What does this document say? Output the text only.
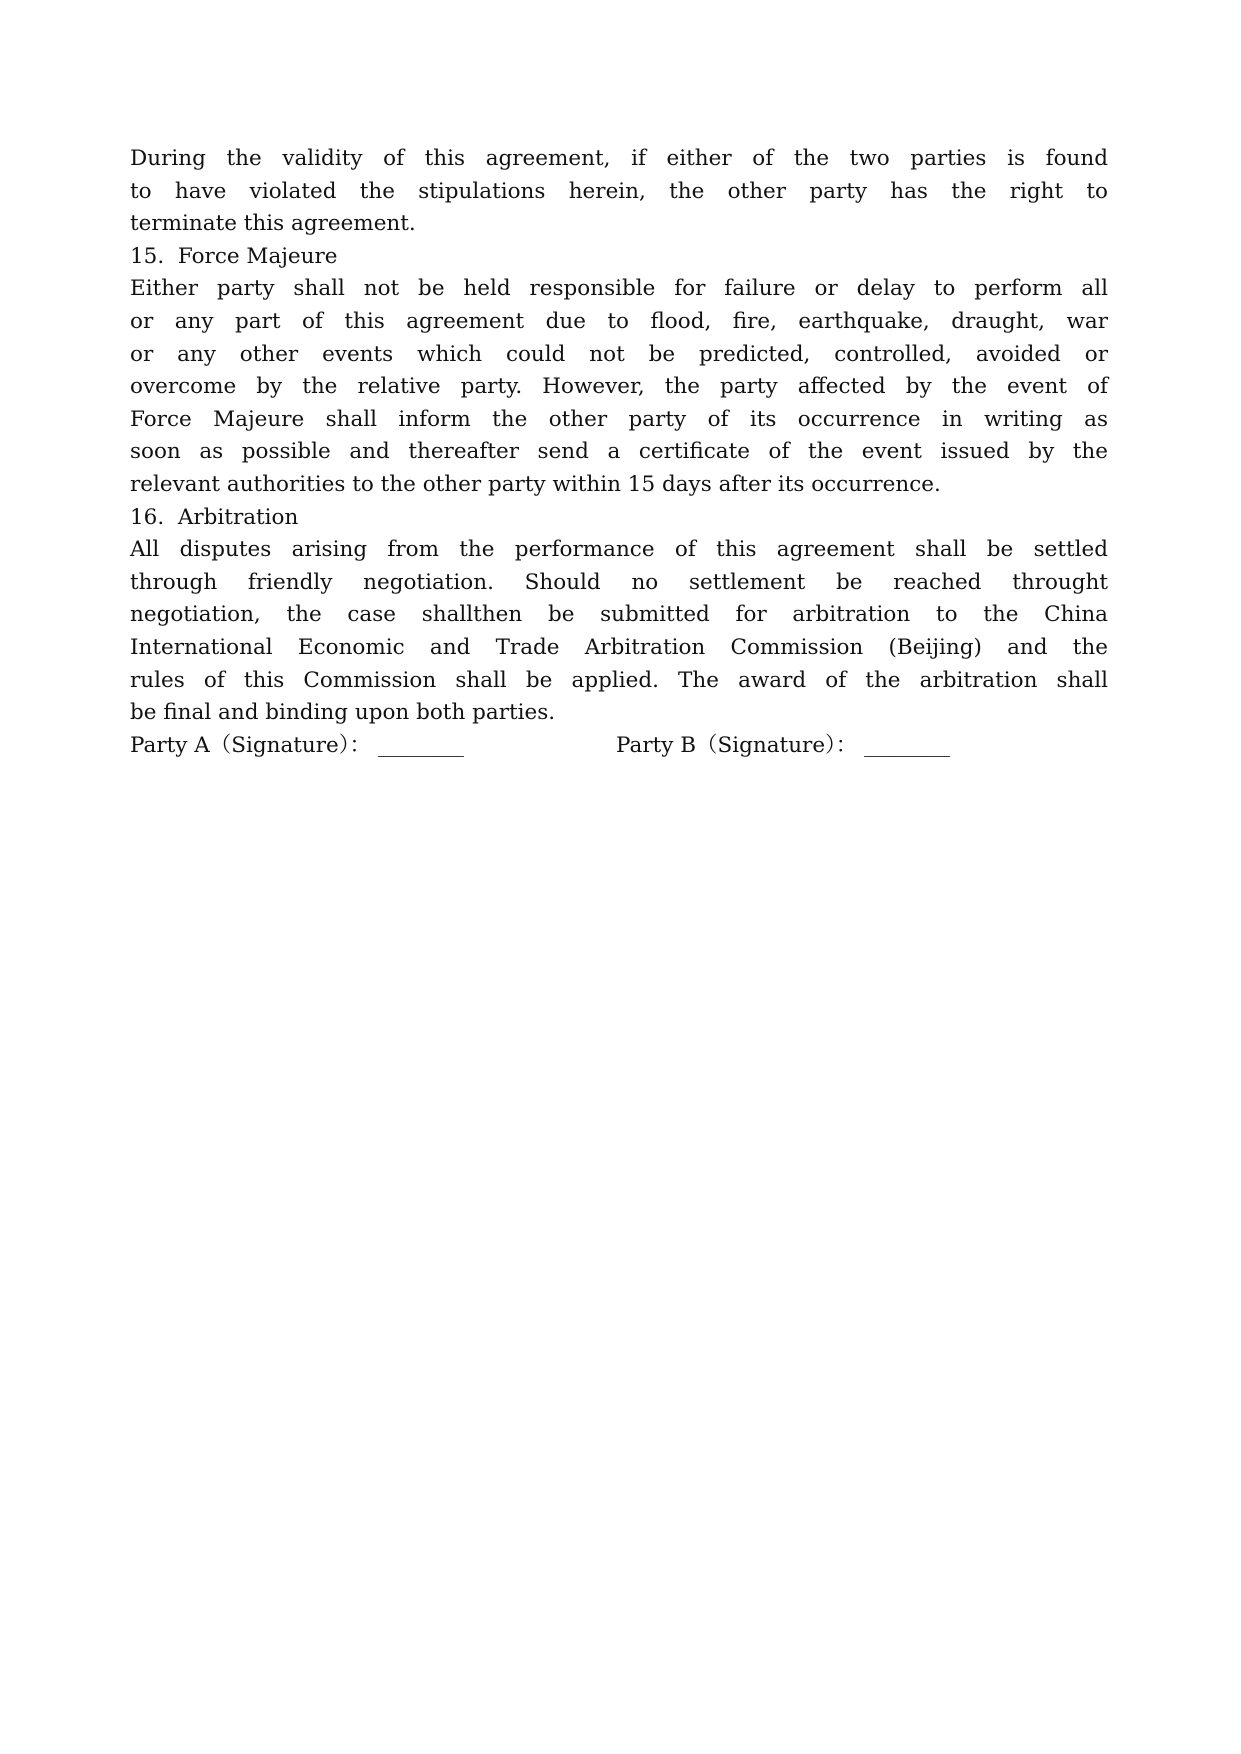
During the validity of this agreement, if either of the two parties is found
to have violated the stipulations herein, the other party has the right to
terminate this agreement.
15.  Force Majeure
Either party shall not be held responsible for failure or delay to perform all
or any part of this agreement due to flood, fire, earthquake, draught, war
or any other events which could not be predicted, controlled, avoided or
overcome by the relative party. However, the party affected by the event of
Force Majeure shall inform the other party of its occurrence in writing as
soon as possible and thereafter send a certificate of the event issued by the
relevant authorities to the other party within 15 days after its occurrence.
16.  Arbitration
All disputes arising from the performance of this agreement shall be settled
through friendly negotiation. Should no settlement be reached throught
negotiation, the case shallthen be submitted for arbitration to the China
International Economic and Trade Arbitration Commission (Beijing) and the
rules of this Commission shall be applied. The award of the arbitration shall
be final and binding upon both parties.

Party A（Signature）： ________

	Party B（Signature）： ________
